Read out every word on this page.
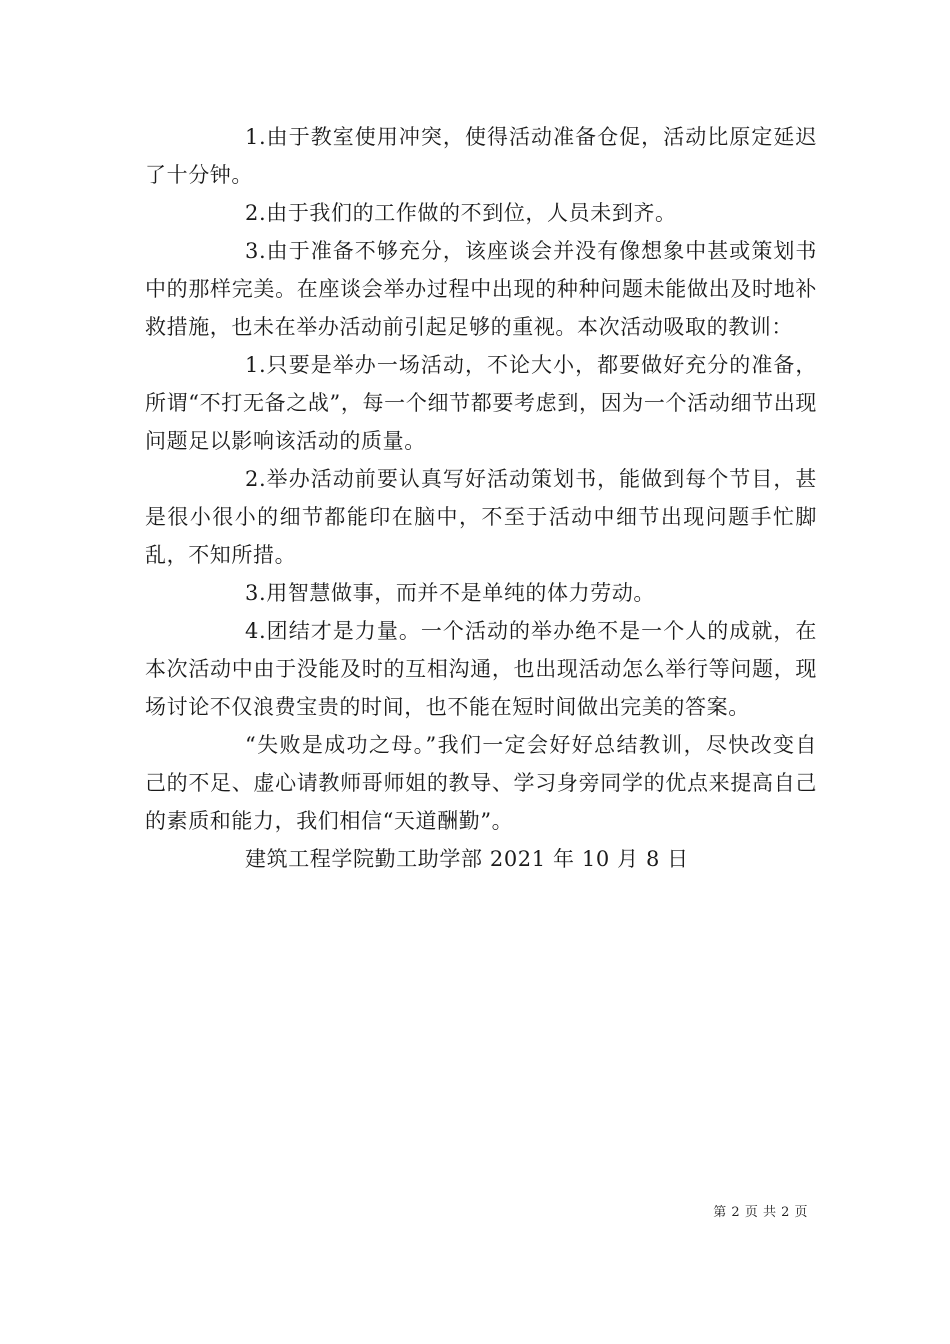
1.由于教室使用冲突，使得活动准备仓促，活动比原定延迟了十分钟。

2.由于我们的工作做的不到位，人员未到齐。

3.由于准备不够充分，该座谈会并没有像想象中甚或策划书中的那样完美。在座谈会举办过程中出现的种种问题未能做出及时地补救措施，也未在举办活动前引起足够的重视。本次活动吸取的教训：

1.只要是举办一场活动，不论大小，都要做好充分的准备，所谓“不打无备之战”，每一个细节都要考虑到，因为一个活动细节出现问题足以影响该活动的质量。

2.举办活动前要认真写好活动策划书，能做到每个节目，甚是很小很小的细节都能印在脑中，不至于活动中细节出现问题手忙脚乱，不知所措。

3.用智慧做事，而并不是单纯的体力劳动。

4.团结才是力量。一个活动的举办绝不是一个人的成就，在本次活动中由于没能及时的互相沟通，也出现活动怎么举行等问题，现场讨论不仅浪费宝贵的时间，也不能在短时间做出完美的答案。

“失败是成功之母。”我们一定会好好总结教训，尽快改变自己的不足、虚心请教师哥师姐的教导、学习身旁同学的优点来提高自己的素质和能力，我们相信“天道酬勤”。

建筑工程学院勤工助学部 2021 年 10 月 8 日

第 2 页 共 2 页
